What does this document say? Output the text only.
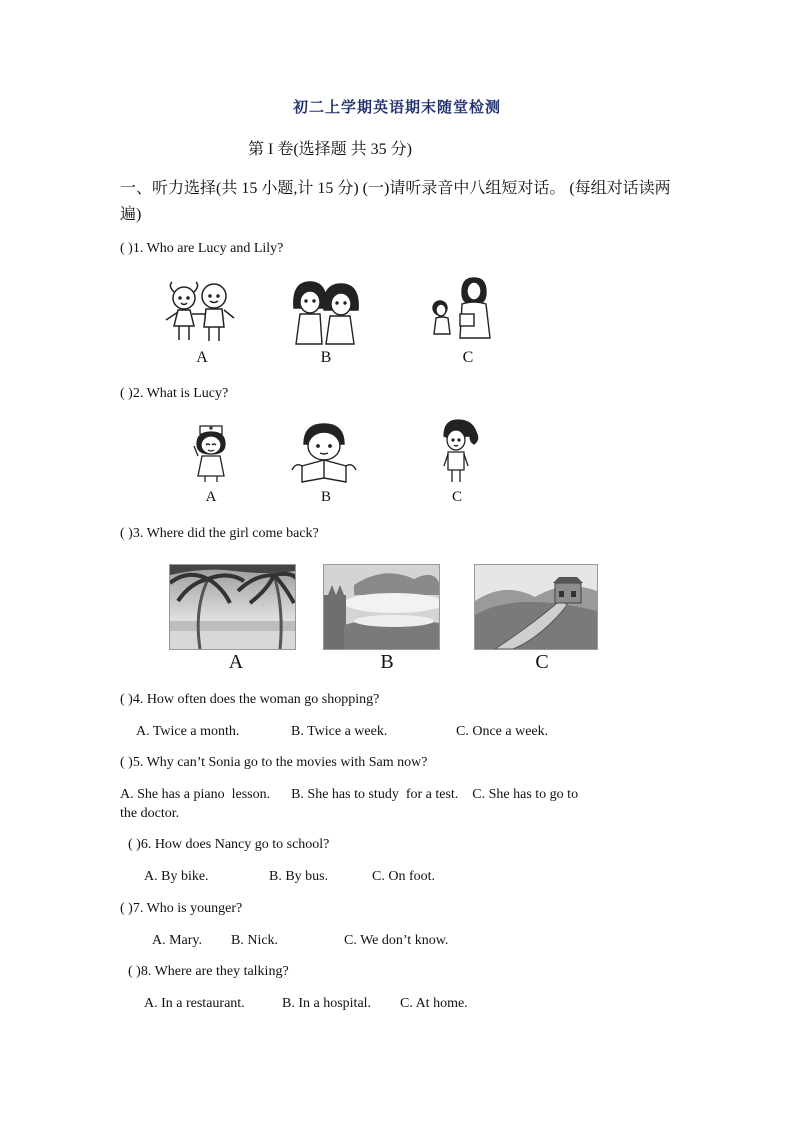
初二上学期英语期末随堂检测
第 I 卷(选择题 共 35 分)
一、听力选择(共 15 小题,计 15 分) (一)请听录音中八组短对话。 (每组对话读两遍)
( )1. Who are Lucy and Lily?
A	B	C
( )2. What is Lucy?
A	B	C
( )3. Where did the girl come back?
A	B	C
( )4. How often does the woman go shopping?
A. Twice a month.	B. Twice a week.	C. Once a week.
( )5. Why can’t Sonia go to the movies with Sam now?
A. She has a piano  lesson.      B. She has to study  for a test.    C. She has to go to
the doctor.
( )6. How does Nancy go to school?
A. By bike.	B. By bus.	C. On foot.
( )7. Who is younger?
A. Mary. B. Nick.	C. We don’t know.
( )8. Where are they talking?
A. In a restaurant.	B. In a hospital. C. At home.
